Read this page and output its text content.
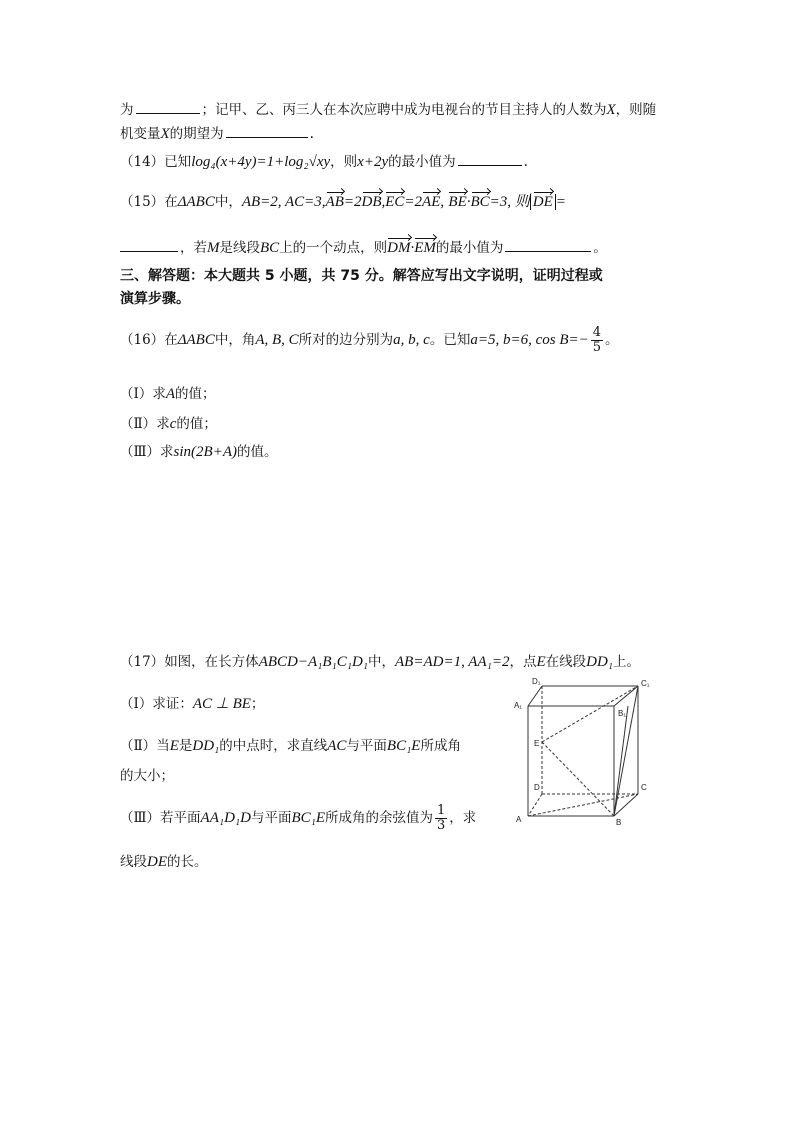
为	；记甲、乙、丙三人在本次应聘中成为电视台的节目主持人的人数为X，则随
机变量X的期望为	.
（14）已知log₄(x+4y)=1+log₂√xy，则x+2y的最小值为	.
（15）在ΔABC中，AB=2, AC=3,AB=2DB,EC=2AE, BE·BC=3, 则 DE =
，若M是线段BC上的一个动点，则DM·EM的最小值为	。
三、解答题：本大题共 5 小题，共 75 分。解答应写出文字说明，证明过程或
演算步骤。
（16）在ΔABC中，角A, B, C所对的边分别为a, b, c。已知a=5, b=6, $\cos B=- \frac{4}{5}$ 。
（Ⅰ）求A的值；
（Ⅱ）求c的值；
（Ⅲ）求sin(2B+A)的值。
（17）如图，在长方体ABCD−A₁B₁C₁D₁中，AB=AD=1, AA₁=2，点E在线段DD₁上。
（Ⅰ）求证：AC ⊥ BE；
（Ⅱ）当E是DD₁的中点时，求直线AC与平面BC₁E所成角
的大小；
（Ⅲ）若平面AA₁D₁D与平面BC₁E所成角的余弦值为 $\frac{1}{3}$ ，求
线段DE的长。
D₁	C₁
A₁
B₁
E
D	C
A	B
